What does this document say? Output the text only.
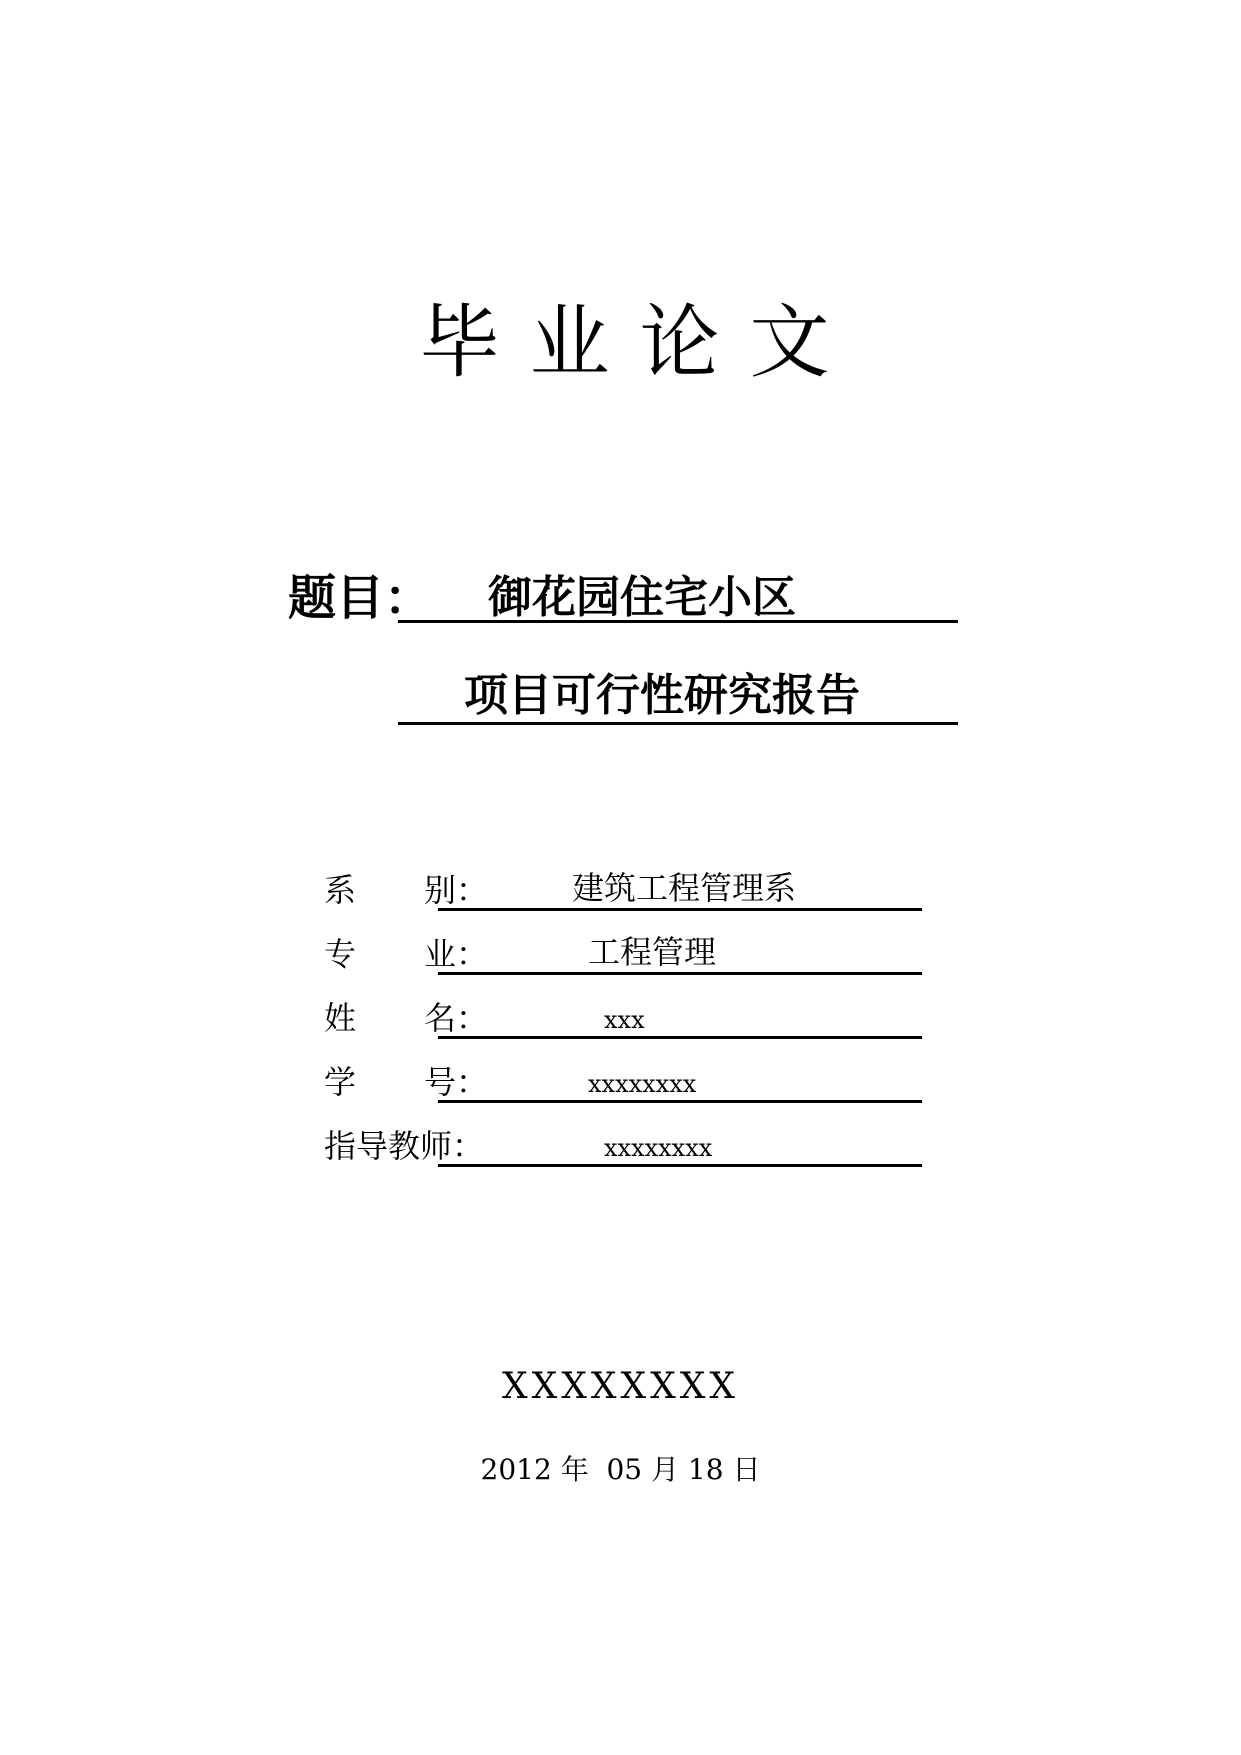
毕业论文
题目： 御花园住宅小区
项目可行性研究报告
系 别：	建筑工程管理系
专 业：	工程管理
姓 名：	xxx
学 号：	xxxxxxxx
指导教师：	xxxxxxxx
XXXXXXXX
2012 年  05 月 18 日
